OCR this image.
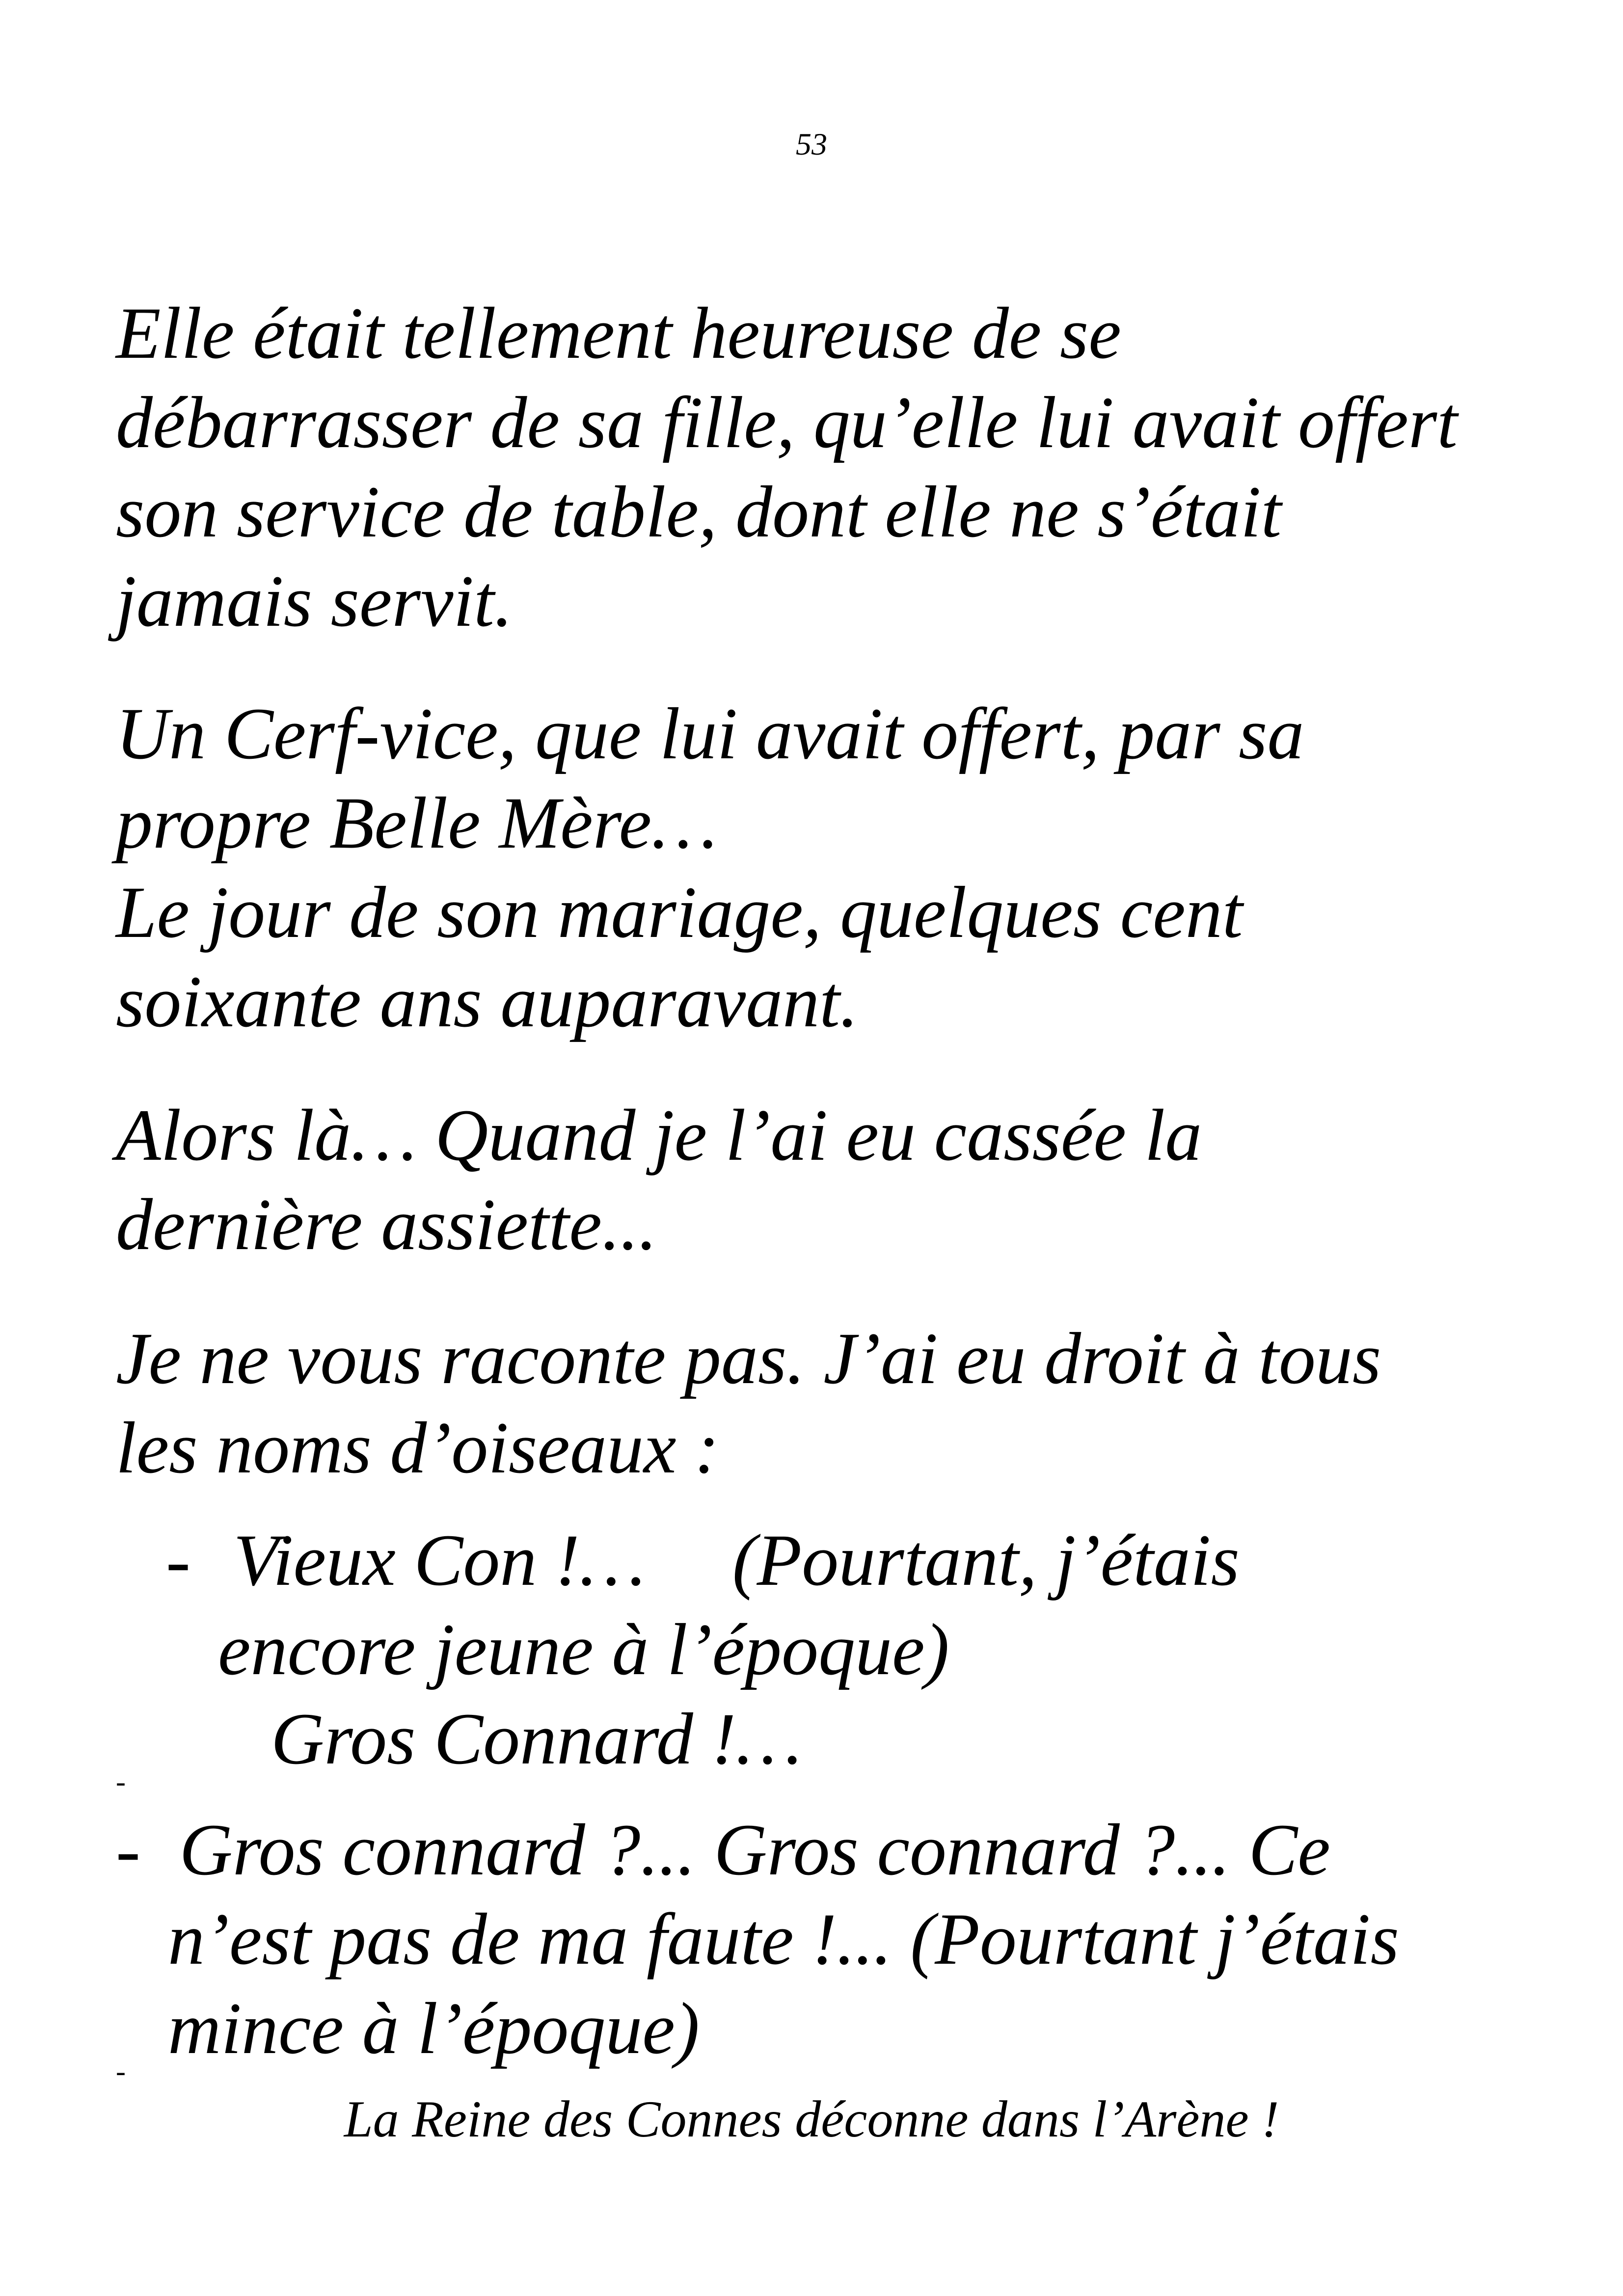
53
Elle était tellement heureuse de se
débarrasser de sa fille, qu’elle lui avait offert
son service de table, dont elle ne s’était
jamais servit.
Un Cerf-vice, que lui avait offert, par sa
propre Belle Mère…
Le jour de son mariage, quelques cent
soixante ans auparavant.
Alors là… Quand je l’ai eu cassée la
dernière assiette...
Je ne vous raconte pas. J’ai eu droit à tous
les noms d’oiseaux :
- Vieux Con !… (Pourtant, j’étais
encore jeune à l’époque)
Gros Connard !…
-
- Gros connard ?... Gros connard ?... Ce
n’est pas de ma faute !... (Pourtant j’étais
mince à l’époque)
-
La Reine des Connes déconne dans l’Arène !
